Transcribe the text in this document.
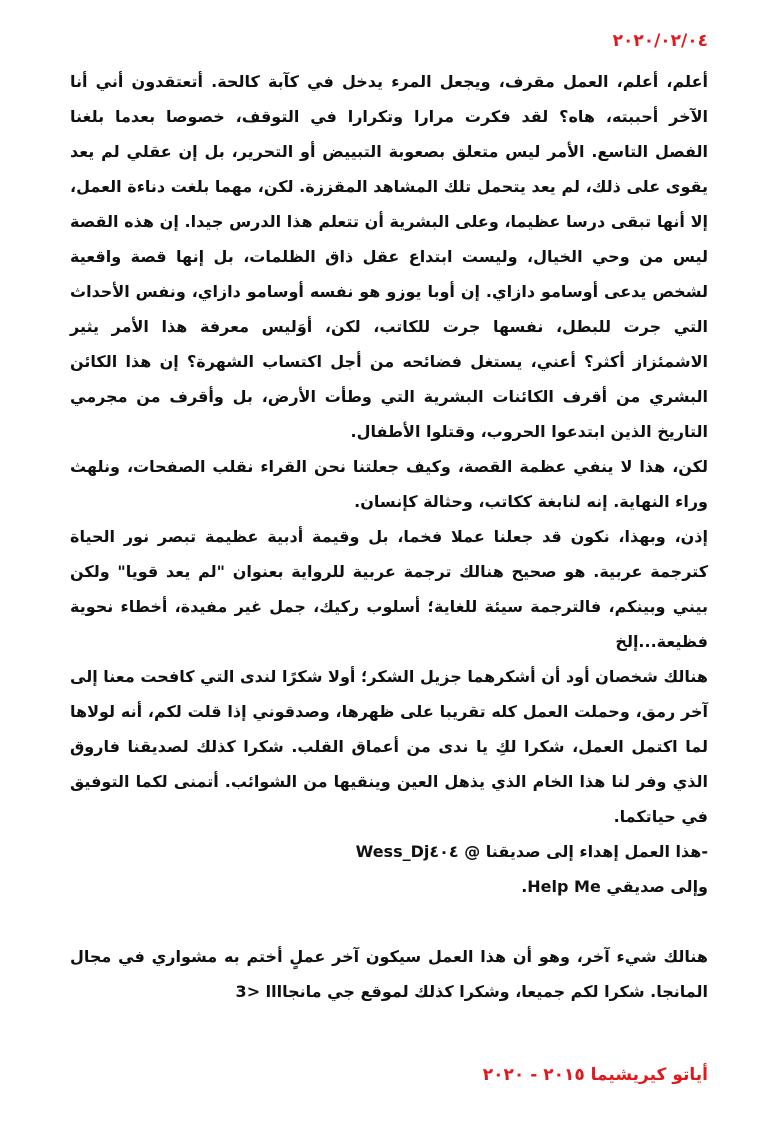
٢٠٢٠/٠٢/٠٤

أعلم، أعلم، العمل مقرف، ويجعل المرء يدخل في كآبة كالحة. أتعتقدون أني أنا الآخر أحببته، هاه؟ لقد فكرت مرارا وتكرارا في التوقف، خصوصا بعدما بلغنا الفصل التاسع. الأمر ليس متعلق بصعوبة التبييض أو التحرير، بل إن عقلي لم يعد يقوى على ذلك، لم يعد يتحمل تلك المشاهد المقززة. لكن، مهما بلغت دناءة العمل، إلا أنها تبقى درسا عظيما، وعلى البشرية أن تتعلم هذا الدرس جيدا. إن هذه القصة ليس من وحي الخيال، وليست ابتداع عقل ذاق الظلمات، بل إنها قصة واقعية لشخص يدعى أوسامو دازاي. إن أوبا يوزو هو نفسه أوسامو دازاي، ونفس الأحداث التي جرت للبطل، نفسها جرت للكاتب، لكن، أوَليس معرفة هذا الأمر يثير الاشمئزاز أكثر؟ أعني، يستغل فضائحه من أجل اكتساب الشهرة؟ إن هذا الكائن البشري من أقرف الكائنات البشرية التي وطأت الأرض، بل وأقرف من مجرمي التاريخ الذين ابتدعوا الحروب، وقتلوا الأطفال.

لكن، هذا لا ينفي عظمة القصة، وكيف جعلتنا نحن القراء نقلب الصفحات، ونلهث وراء النهاية. إنه لنابغة ككاتب، وحثالة كإنسان.

إذن، وبهذا، نكون قد جعلنا عملا فخما، بل وقيمة أدبية عظيمة تبصر نور الحياة كترجمة عربية. هو صحيح هنالك ترجمة عربية للرواية بعنوان "لم يعد قويا" ولكن بيني وبينكم، فالترجمة سيئة للغاية؛ أسلوب ركيك، جمل غير مفيدة، أخطاء نحوية فظيعة...إلخ

هنالك شخصان أود أن أشكرهما جزيل الشكر؛ أولا شكرًا لندى التي كافحت معنا إلى آخر رمق، وحملت العمل كله تقريبا على ظهرها، وصدقوني إذا قلت لكم، أنه لولاها لما اكتمل العمل، شكرا لكِ يا ندى من أعماق القلب. شكرا كذلك لصديقنا فاروق الذي وفر لنا هذا الخام الذي يذهل العين وينقيها من الشوائب. أتمنى لكما التوفيق في حياتكما.

-هذا العمل إهداء إلى صديقنا @ Wess_Dj٤٠٤

وإلى صديقي Help Me.

هنالك شيء آخر، وهو أن هذا العمل سيكون آخر عملٍ أختم به مشواري في مجال المانجا. شكرا لكم جميعا، وشكرا كذلك لموقع جي مانجاااا <3

أياتو كيريشيما ٢٠١٥ - ٢٠٢٠
